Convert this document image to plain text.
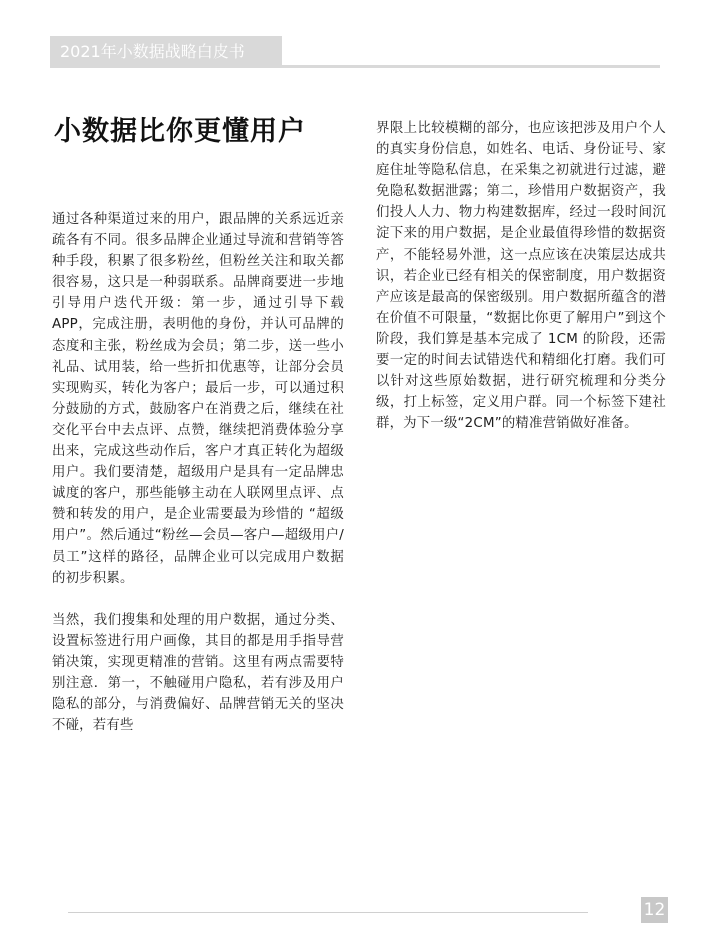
2021年小数据战略白皮书
小数据比你更懂用户

通过各种渠道过来的用户，跟品牌的关系远近亲疏各有不同。很多品牌企业通过导流和营销等答种手段，积累了很多粉丝，但粉丝关注和取关都很容易，这只是一种弱联系。品牌商要进一步地引导用户迭代开级：第一步，通过引导下载APP，完成注册，表明他的身份，并认可品牌的态度和主张，粉丝成为会员；第二步，送一些小礼品、试用装，给一些折扣优惠等，让部分会员实现购买，转化为客户；最后一步，可以通过积分鼓励的方式，鼓励客户在消费之后，继续在社交化平台中去点评、点赞，继续把消费体验分享出来，完成这些动作后，客户才真正转化为超级用户。我们要清楚，超级用户是具有一定品牌忠诚度的客户，那些能够主动在人联网里点评、点赞和转发的用户，是企业需要最为珍惜的 “超级用户”。然后通过“粉丝—会员—客户—超级用户/员工”这样的路径，品牌企业可以完成用户数据的初步积累。

当然，我们搜集和处理的用户数据，通过分类、设置标签进行用户画像，其目的都是用手指导营销决策，实现更精准的营销。这里有两点需要特别注意．第一，不触碰用户隐私，若有涉及用户隐私的部分，与消费偏好、品牌营销无关的坚决不碰，若有些

界限上比较模糊的部分，也应该把涉及用户个人的真实身份信息，如姓名、电话、身份证号、家庭住址等隐私信息，在采集之初就进行过滤，避免隐私数据泄露；第二，珍惜用户数据资产，我们投人人力、物力构建数据库，经过一段时间沉淀下来的用户数据，是企业最值得珍惜的数据资产，不能轻易外泄，这一点应该在决策层达成共识，若企业已经有相关的保密制度，用户数据资产应该是最高的保密级别。用户数据所蕴含的潜在价值不可限量，“数据比你更了解用户”到这个阶段，我们算是基本完成了 1CM 的阶段，还需要一定的时间去试错迭代和精细化打磨。我们可以针对这些原始数据，进行研究梳理和分类分级，打上标签，定义用户群。同一个标签下建社群，为下一级“2CM”的精准营销做好准备。

12
